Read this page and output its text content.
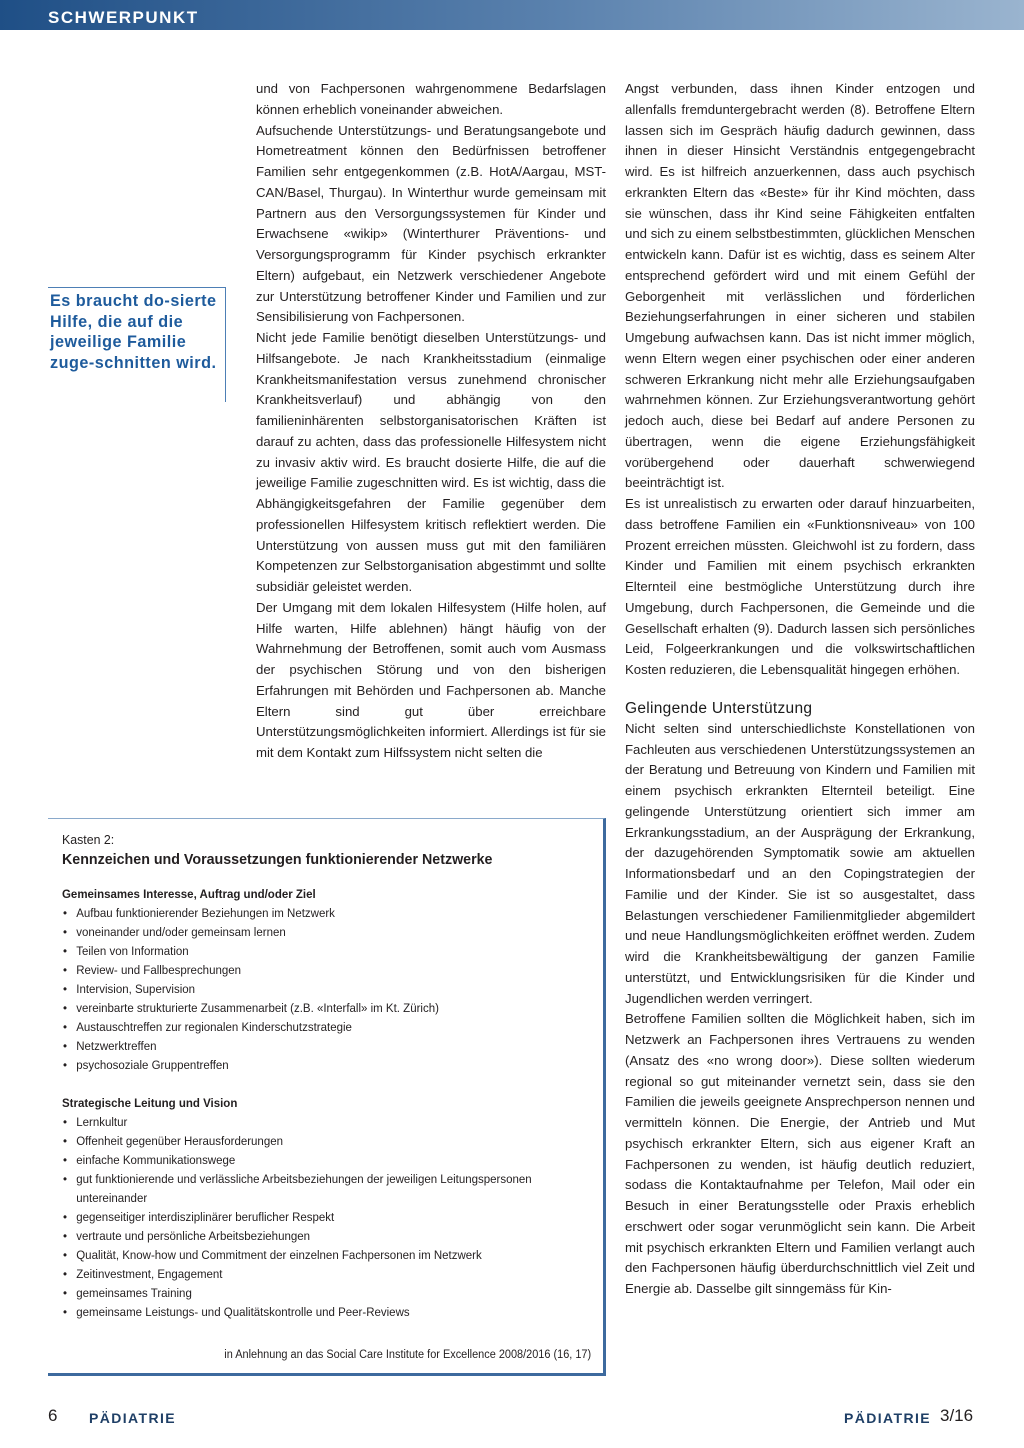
SCHWERPUNKT
Es braucht do-sierte Hilfe, die auf die jeweilige Familie zuge-schnitten wird.

und von Fachpersonen wahrgenommene Bedarfslagen können erheblich voneinander abweichen.

Aufsuchende Unterstützungs- und Beratungsangebote und Hometreatment können den Bedürfnissen betroffener Familien sehr entgegenkommen (z.B. HotA/Aargau, MST-CAN/Basel, Thurgau). In Winterthur wurde gemeinsam mit Partnern aus den Versorgungssystemen für Kinder und Erwachsene «wikip» (Winterthurer Präventions- und Versorgungsprogramm für Kinder psychisch erkrankter Eltern) aufgebaut, ein Netzwerk verschiedener Angebote zur Unterstützung betroffener Kinder und Familien und zur Sensibilisierung von Fachpersonen.

Nicht jede Familie benötigt dieselben Unterstützungs- und Hilfsangebote. Je nach Krankheitsstadium (einmalige Krankheitsmanifestation versus zunehmend chronischer Krankheitsverlauf) und abhängig von den familieninhärenten selbstorganisatorischen Kräften ist darauf zu achten, dass das professionelle Hilfesystem nicht zu invasiv aktiv wird. Es braucht dosierte Hilfe, die auf die jeweilige Familie zugeschnitten wird. Es ist wichtig, dass die Abhängigkeitsgefahren der Familie gegenüber dem professionellen Hilfesystem kritisch reflektiert werden. Die Unterstützung von aussen muss gut mit den familiären Kompetenzen zur Selbstorganisation abgestimmt und sollte subsidiär geleistet werden.

Der Umgang mit dem lokalen Hilfesystem (Hilfe holen, auf Hilfe warten, Hilfe ablehnen) hängt häufig von der Wahrnehmung der Betroffenen, somit auch vom Ausmass der psychischen Störung und von den bisherigen Erfahrungen mit Behörden und Fachpersonen ab. Manche Eltern sind gut über erreichbare Unterstützungsmöglichkeiten informiert. Allerdings ist für sie mit dem Kontakt zum Hilfssystem nicht selten die

Angst verbunden, dass ihnen Kinder entzogen und allenfalls fremduntergebracht werden (8). Betroffene Eltern lassen sich im Gespräch häufig dadurch gewinnen, dass ihnen in dieser Hinsicht Verständnis entgegengebracht wird. Es ist hilfreich anzuerkennen, dass auch psychisch erkrankten Eltern das «Beste» für ihr Kind möchten, dass sie wünschen, dass ihr Kind seine Fähigkeiten entfalten und sich zu einem selbstbestimmten, glücklichen Menschen entwickeln kann. Dafür ist es wichtig, dass es seinem Alter entsprechend gefördert wird und mit einem Gefühl der Geborgenheit mit verlässlichen und förderlichen Beziehungserfahrungen in einer sicheren und stabilen Umgebung aufwachsen kann. Das ist nicht immer möglich, wenn Eltern wegen einer psychischen oder einer anderen schweren Erkrankung nicht mehr alle Erziehungsaufgaben wahrnehmen können. Zur Erziehungsverantwortung gehört jedoch auch, diese bei Bedarf auf andere Personen zu übertragen, wenn die eigene Erziehungsfähigkeit vorübergehend oder dauerhaft schwerwiegend beeinträchtigt ist.

Es ist unrealistisch zu erwarten oder darauf hinzuarbeiten, dass betroffene Familien ein «Funktionsniveau» von 100 Prozent erreichen müssten. Gleichwohl ist zu fordern, dass Kinder und Familien mit einem psychisch erkrankten Elternteil eine bestmögliche Unterstützung durch ihre Umgebung, durch Fachpersonen, die Gemeinde und die Gesellschaft erhalten (9). Dadurch lassen sich persönliches Leid, Folgeerkrankungen und die volkswirtschaftlichen Kosten reduzieren, die Lebensqualität hingegen erhöhen.

Gelingende Unterstützung

Nicht selten sind unterschiedlichste Konstellationen von Fachleuten aus verschiedenen Unterstützungssystemen an der Beratung und Betreuung von Kindern und Familien mit einem psychisch erkrankten Elternteil beteiligt. Eine gelingende Unterstützung orientiert sich immer am Erkrankungsstadium, an der Ausprägung der Erkrankung, der dazugehörenden Symptomatik sowie am aktuellen Informationsbedarf und an den Copingstrategien der Familie und der Kinder. Sie ist so ausgestaltet, dass Belastungen verschiedener Familienmitglieder abgemildert und neue Handlungsmöglichkeiten eröffnet werden. Zudem wird die Krankheitsbewältigung der ganzen Familie unterstützt, und Entwicklungsrisiken für die Kinder und Jugendlichen werden verringert.

Betroffene Familien sollten die Möglichkeit haben, sich im Netzwerk an Fachpersonen ihres Vertrauens zu wenden (Ansatz des «no wrong door»). Diese sollten wiederum regional so gut miteinander vernetzt sein, dass sie den Familien die jeweils geeignete Ansprechperson nennen und vermitteln können. Die Energie, der Antrieb und Mut psychisch erkrankter Eltern, sich aus eigener Kraft an Fachpersonen zu wenden, ist häufig deutlich reduziert, sodass die Kontaktaufnahme per Telefon, Mail oder ein Besuch in einer Beratungsstelle oder Praxis erheblich erschwert oder sogar verunmöglicht sein kann. Die Arbeit mit psychisch erkrankten Eltern und Familien verlangt auch den Fachpersonen häufig überdurchschnittlich viel Zeit und Energie ab. Dasselbe gilt sinngemäss für Kin-

Kasten 2:
Kennzeichen und Voraussetzungen funktionierender Netzwerke
Gemeinsames Interesse, Auftrag und/oder Ziel
• Aufbau funktionierender Beziehungen im Netzwerk
• voneinander und/oder gemeinsam lernen
• Teilen von Information
• Review- und Fallbesprechungen
• Intervision, Supervision
• vereinbarte strukturierte Zusammenarbeit (z.B. «Interfall» im Kt. Zürich)
• Austauschtreffen zur regionalen Kinderschutzstrategie
• Netzwerktreffen
• psychosoziale Gruppentreffen
Strategische Leitung und Vision
• Lernkultur
• Offenheit gegenüber Herausforderungen
• einfache Kommunikationswege
• gut funktionierende und verlässliche Arbeitsbeziehungen der jeweiligen Leitungspersonen untereinander
• gegenseitiger interdisziplinärer beruflicher Respekt
• vertraute und persönliche Arbeitsbeziehungen
• Qualität, Know-how und Commitment der einzelnen Fachpersonen im Netzwerk
• Zeitinvestment, Engagement
• gemeinsames Training
• gemeinsame Leistungs- und Qualitätskontrolle und Peer-Reviews
in Anlehnung an das Social Care Institute for Excellence 2008/2016 (16, 17)
6 PÄDIATRIE	PÄDIATRIE 3/16
